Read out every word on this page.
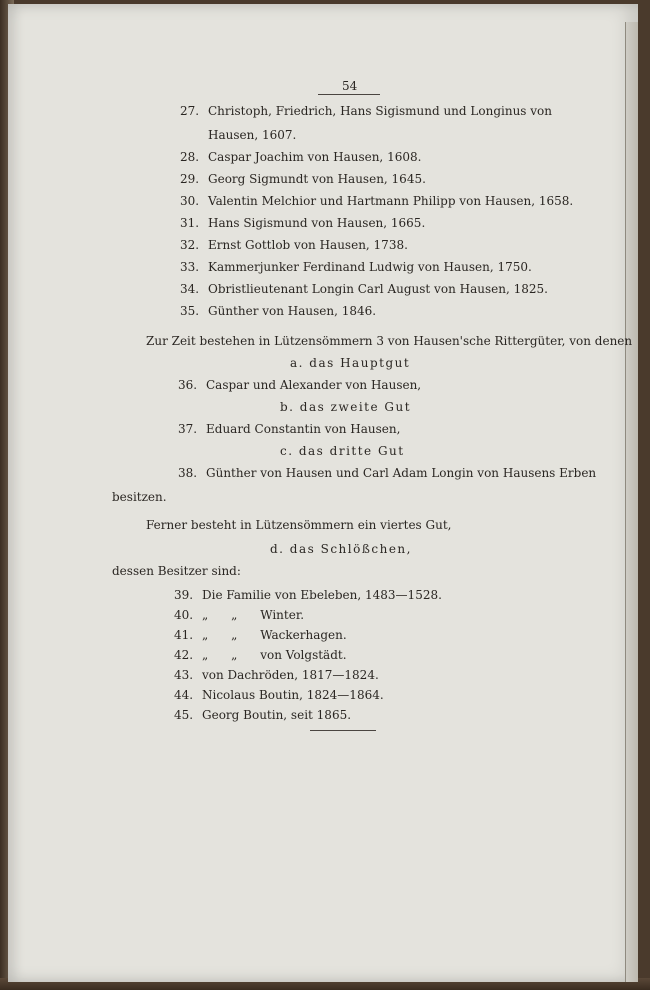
54
27. Christoph, Friedrich, Hans Sigismund und Longinus von
Hausen, 1607.
28. Caspar Joachim von Hausen, 1608.
29. Georg Sigmundt von Hausen, 1645.
30. Valentin Melchior und Hartmann Philipp von Hausen, 1658.
31. Hans Sigismund von Hausen, 1665.
32. Ernst Gottlob von Hausen, 1738.
33. Kammerjunker Ferdinand Ludwig von Hausen, 1750.
34. Obristlieutenant Longin Carl August von Hausen, 1825.
35. Günther von Hausen, 1846.
Zur Zeit bestehen in Lützensömmern 3 von Hausen'sche Rittergüter, von denen
a. das Hauptgut
36. Caspar und Alexander von Hausen,
b. das zweite Gut
37. Eduard Constantin von Hausen,
c. das dritte Gut
38. Günther von Hausen und Carl Adam Longin von Hausens Erben
besitzen.
Ferner besteht in Lützensömmern ein viertes Gut,
d. das Schlößchen,
dessen Besitzer sind:
39. Die Familie von Ebeleben, 1483—1528.
40. „      „      Winter.
41. „      „      Wackerhagen.
42. „      „      von Volgstädt.
43. von Dachröden, 1817—1824.
44. Nicolaus Boutin, 1824—1864.
45. Georg Boutin, seit 1865.
